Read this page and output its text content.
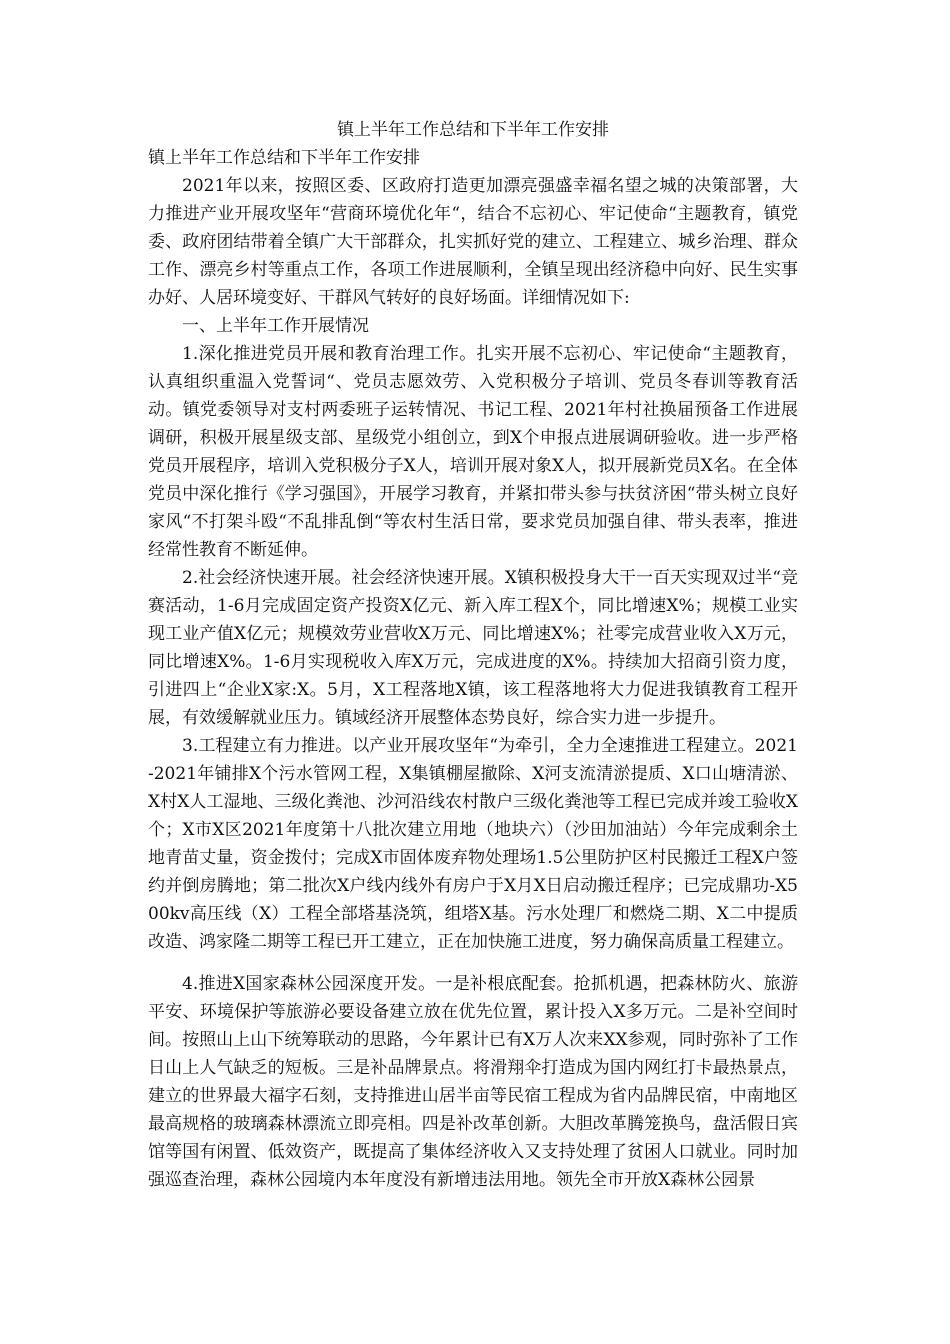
镇上半年工作总结和下半年工作安排

镇上半年工作总结和下半年工作安排

2021年以来，按照区委、区政府打造更加漂亮强盛幸福名望之城的决策部署，大力推进产业开展攻坚年“营商环境优化年“，结合不忘初心、牢记使命“主题教育，镇党委、政府团结带着全镇广大干部群众，扎实抓好党的建立、工程建立、城乡治理、群众工作、漂亮乡村等重点工作，各项工作进展顺利，全镇呈现出经济稳中向好、民生实事办好、人居环境变好、干群风气转好的良好场面。详细情况如下:

一、上半年工作开展情况

1.深化推进党员开展和教育治理工作。扎实开展不忘初心、牢记使命“主题教育，认真组织重温入党誓词“、党员志愿效劳、入党积极分子培训、党员冬春训等教育活动。镇党委领导对支村两委班子运转情况、书记工程、2021年村社换届预备工作进展调研，积极开展星级支部、星级党小组创立，到X个申报点进展调研验收。进一步严格党员开展程序，培训入党积极分子X人，培训开展对象X人，拟开展新党员X名。在全体党员中深化推行《学习强国》，开展学习教育，并紧扣带头参与扶贫济困“带头树立良好家风“不打架斗殴“不乱排乱倒“等农村生活日常，要求党员加强自律、带头表率，推进经常性教育不断延伸。

2.社会经济快速开展。社会经济快速开展。X镇积极投身大干一百天实现双过半“竞赛活动，1-6月完成固定资产投资X亿元、新入库工程X个，同比增速X%；规模工业实现工业产值X亿元；规模效劳业营收X万元、同比增速X%；社零完成营业收入X万元，同比增速X%。1-6月实现税收入库X万元，完成进度的X%。持续加大招商引资力度，引进四上“企业X家:X。5月，X工程落地X镇，该工程落地将大力促进我镇教育工程开展，有效缓解就业压力。镇域经济开展整体态势良好，综合实力进一步提升。

3.工程建立有力推进。以产业开展攻坚年“为牵引，全力全速推进工程建立。2021-2021年铺排X个污水管网工程，X集镇棚屋撤除、X河支流清淤提质、X口山塘清淤、X村X人工湿地、三级化粪池、沙河沿线农村散户三级化粪池等工程已完成并竣工验收X个；X市X区2021年度第十八批次建立用地（地块六）（沙田加油站）今年完成剩余土地青苗丈量，资金拨付；完成X市固体废弃物处理场1.5公里防护区村民搬迁工程X户签约并倒房腾地；第二批次X户线内线外有房户于X月X日启动搬迁程序；已完成鼎功-X500kv高压线（X）工程全部塔基浇筑，组塔X基。污水处理厂和燃烧二期、X二中提质改造、鸿家隆二期等工程已开工建立，正在加快施工进度，努力确保高质量工程建立。

4.推进X国家森林公园深度开发。一是补根底配套。抢抓机遇，把森林防火、旅游平安、环境保护等旅游必要设备建立放在优先位置，累计投入X多万元。二是补空间时间。按照山上山下统筹联动的思路，今年累计已有X万人次来XX参观，同时弥补了工作日山上人气缺乏的短板。三是补品牌景点。将滑翔伞打造成为国内网红打卡最热景点，建立的世界最大福字石刻，支持推进山居半亩等民宿工程成为省内品牌民宿，中南地区最高规格的玻璃森林漂流立即亮相。四是补改革创新。大胆改革腾笼换鸟，盘活假日宾馆等国有闲置、低效资产，既提高了集体经济收入又支持处理了贫困人口就业。同时加强巡查治理，森林公园境内本年度没有新增违法用地。领先全市开放X森林公园景
